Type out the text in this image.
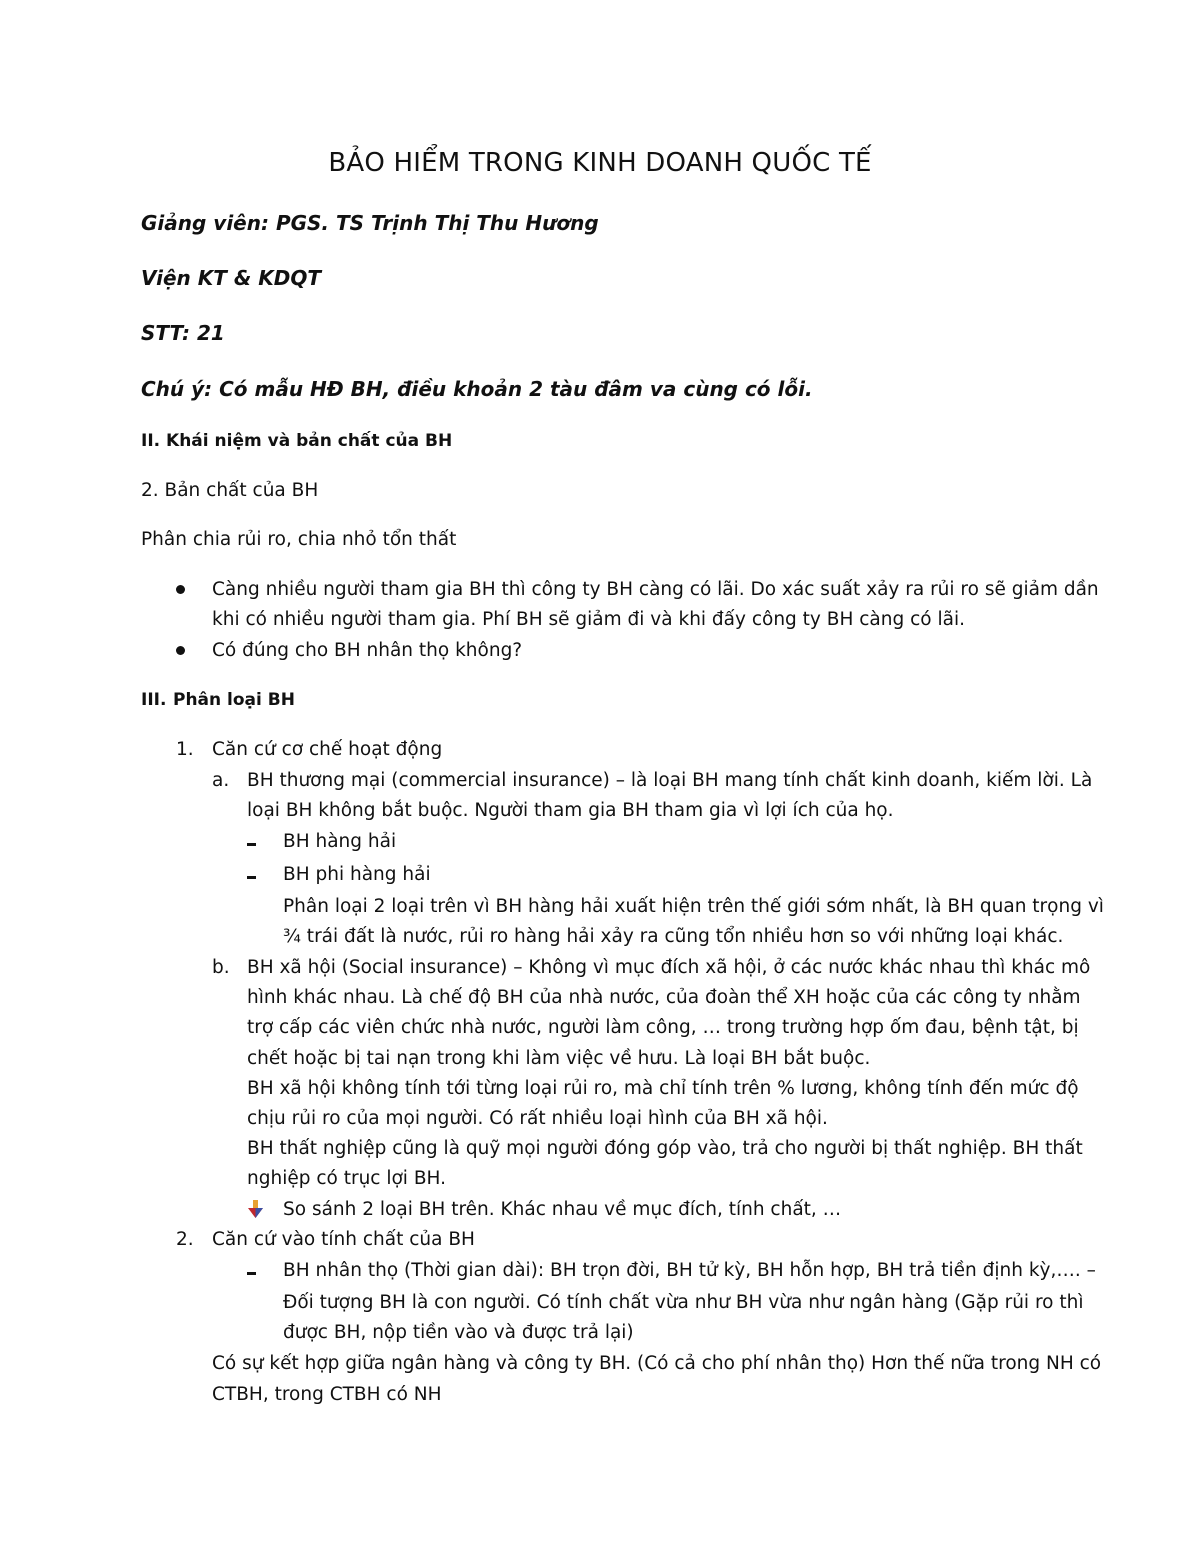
BẢO HIỂM TRONG KINH DOANH QUỐC TẾ
Giảng viên: PGS. TS Trịnh Thị Thu Hương
Viện KT & KDQT
STT: 21
Chú ý: Có mẫu HĐ BH, điều khoản 2 tàu đâm va cùng có lỗi.
II. Khái niệm và bản chất của BH
2. Bản chất của BH
Phân chia rủi ro, chia nhỏ tổn thất
Càng nhiều người tham gia BH thì công ty BH càng có lãi. Do xác suất xảy ra rủi ro sẽ giảm dần
khi có nhiều người tham gia. Phí BH sẽ giảm đi và khi đấy công ty BH càng có lãi.
Có đúng cho BH nhân thọ không?
III. Phân loại BH
1. Căn cứ cơ chế hoạt động
a. BH thương mại (commercial insurance) – là loại BH mang tính chất kinh doanh, kiếm lời. Là
loại BH không bắt buộc. Người tham gia BH tham gia vì lợi ích của họ.
BH hàng hải
BH phi hàng hải
Phân loại 2 loại trên vì BH hàng hải xuất hiện trên thế giới sớm nhất, là BH quan trọng vì
¾ trái đất là nước, rủi ro hàng hải xảy ra cũng tổn nhiều hơn so với những loại khác.
b. BH xã hội (Social insurance) – Không vì mục đích xã hội, ở các nước khác nhau thì khác mô
hình khác nhau. Là chế độ BH của nhà nước, của đoàn thể XH hoặc của các công ty nhằm
trợ cấp các viên chức nhà nước, người làm công, … trong trường hợp ốm đau, bệnh tật, bị
chết hoặc bị tai nạn trong khi làm việc về hưu. Là loại BH bắt buộc.
BH xã hội không tính tới từng loại rủi ro, mà chỉ tính trên % lương, không tính đến mức độ
chịu rủi ro của mọi người. Có rất nhiều loại hình của BH xã hội.
BH thất nghiệp cũng là quỹ mọi người đóng góp vào, trả cho người bị thất nghiệp. BH thất
nghiệp có trục lợi BH.
So sánh 2 loại BH trên. Khác nhau về mục đích, tính chất, …
2. Căn cứ vào tính chất của BH
BH nhân thọ (Thời gian dài): BH trọn đời, BH tử kỳ, BH hỗn hợp, BH trả tiền định kỳ,…. –
Đối tượng BH là con người. Có tính chất vừa như BH vừa như ngân hàng (Gặp rủi ro thì
được BH, nộp tiền vào và được trả lại)
Có sự kết hợp giữa ngân hàng và công ty BH. (Có cả cho phí nhân thọ) Hơn thế nữa trong NH có
CTBH, trong CTBH có NH
